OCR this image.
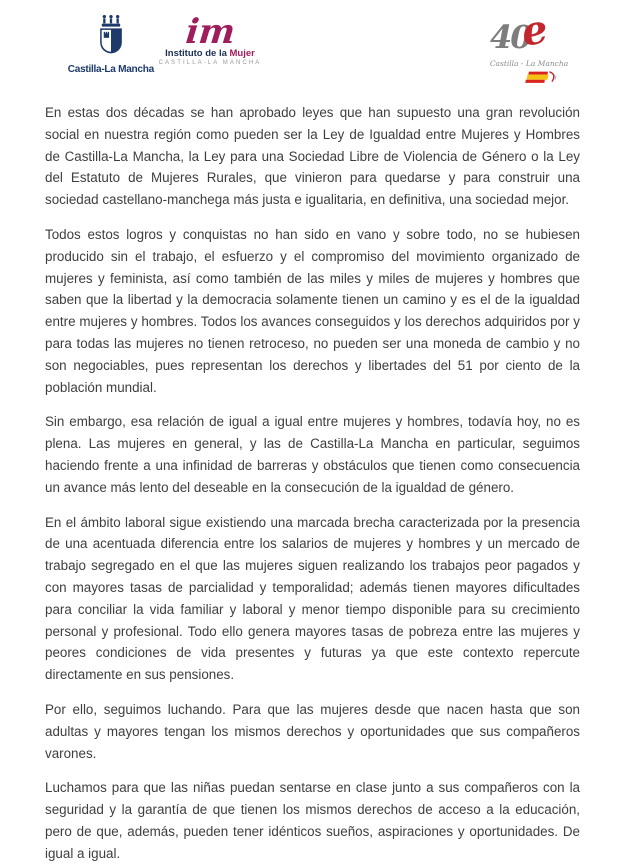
Castilla-La Mancha
im
Instituto de la Mujer
CASTILLA-LA MANCHA
40
e
Castilla - La Mancha

En estas dos décadas se han aprobado leyes que han supuesto una gran revolución social en nuestra región como pueden ser la Ley de Igualdad entre Mujeres y Hombres de Castilla-La Mancha, la Ley para una Sociedad Libre de Violencia de Género o la Ley del Estatuto de Mujeres Rurales, que vinieron para quedarse y para construir una sociedad castellano-manchega más justa e igualitaria, en definitiva, una sociedad mejor.

Todos estos logros y conquistas no han sido en vano y sobre todo, no se hubiesen producido sin el trabajo, el esfuerzo y el compromiso del movimiento organizado de mujeres y feminista, así como también de las miles y miles de mujeres y hombres que saben que la libertad y la democracia solamente tienen un camino y es el de la igualdad entre mujeres y hombres. Todos los avances conseguidos y los derechos adquiridos por y para todas las mujeres no tienen retroceso, no pueden ser una moneda de cambio y no son negociables, pues representan los derechos y libertades del 51 por ciento de la población mundial.

Sin embargo, esa relación de igual a igual entre mujeres y hombres, todavía hoy, no es plena. Las mujeres en general, y las de Castilla-La Mancha en particular, seguimos haciendo frente a una infinidad de barreras y obstáculos que tienen como consecuencia un avance más lento del deseable en la consecución de la igualdad de género.

En el ámbito laboral sigue existiendo una marcada brecha caracterizada por la presencia de una acentuada diferencia entre los salarios de mujeres y hombres y un mercado de trabajo segregado en el que las mujeres siguen realizando los trabajos peor pagados y con mayores tasas de parcialidad y temporalidad; además tienen mayores dificultades para conciliar la vida familiar y laboral y menor tiempo disponible para su crecimiento personal y profesional. Todo ello genera mayores tasas de pobreza entre las mujeres y peores condiciones de vida presentes y futuras ya que este contexto repercute directamente en sus pensiones.

Por ello, seguimos luchando. Para que las mujeres desde que nacen hasta que son adultas y mayores tengan los mismos derechos y oportunidades que sus compañeros varones.

Luchamos para que las niñas puedan sentarse en clase junto a sus compañeros con la seguridad y la garantía de que tienen los mismos derechos de acceso a la educación, pero de que, además, pueden tener idénticos sueños, aspiraciones y oportunidades. De igual a igual.
